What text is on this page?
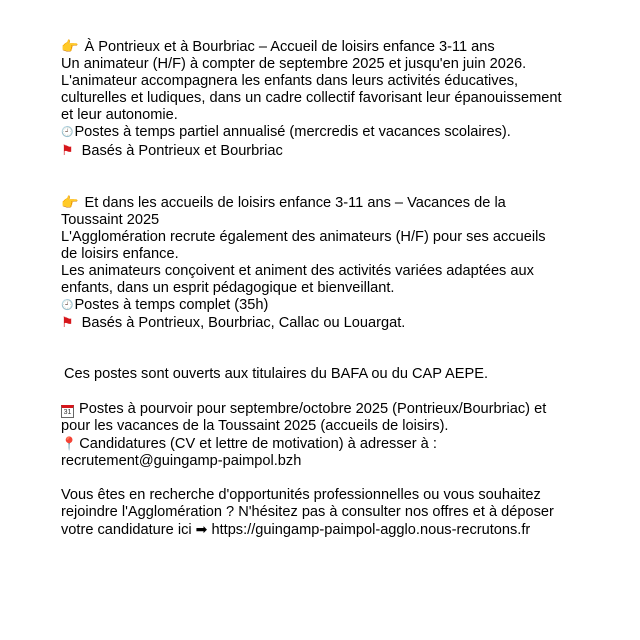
👉 À Pontrieux et à Bourbriac – Accueil de loisirs enfance 3-11 ans
Un animateur (H/F) à compter de septembre 2025 et jusqu'en juin 2026.
L'animateur accompagnera les enfants dans leurs activités éducatives,
culturelles et ludiques, dans un cadre collectif favorisant leur épanouissement
et leur autonomie.
🕘Postes à temps partiel annualisé (mercredis et vacances scolaires).
⚑ Basés à Pontrieux et Bourbriac
👉 Et dans les accueils de loisirs enfance 3-11 ans – Vacances de la
Toussaint 2025
L'Agglomération recrute également des animateurs (H/F) pour ses accueils
de loisirs enfance.
Les animateurs conçoivent et animent des activités variées adaptées aux
enfants, dans un esprit pédagogique et bienveillant.
🕘Postes à temps complet (35h)
⚑ Basés à Pontrieux, Bourbriac, Callac ou Louargat.
Ces postes sont ouverts aux titulaires du BAFA ou du CAP AEPE.
31 Postes à pourvoir pour septembre/octobre 2025 (Pontrieux/Bourbriac) et
pour les vacances de la Toussaint 2025 (accueils de loisirs).
📍 Candidatures (CV et lettre de motivation) à adresser à :
recrutement@guingamp-paimpol.bzh
Vous êtes en recherche d'opportunités professionnelles ou vous souhaitez
rejoindre l'Agglomération ? N'hésitez pas à consulter nos offres et à déposer
votre candidature ici ➡ https://guingamp-paimpol-agglo.nous-recrutons.fr
